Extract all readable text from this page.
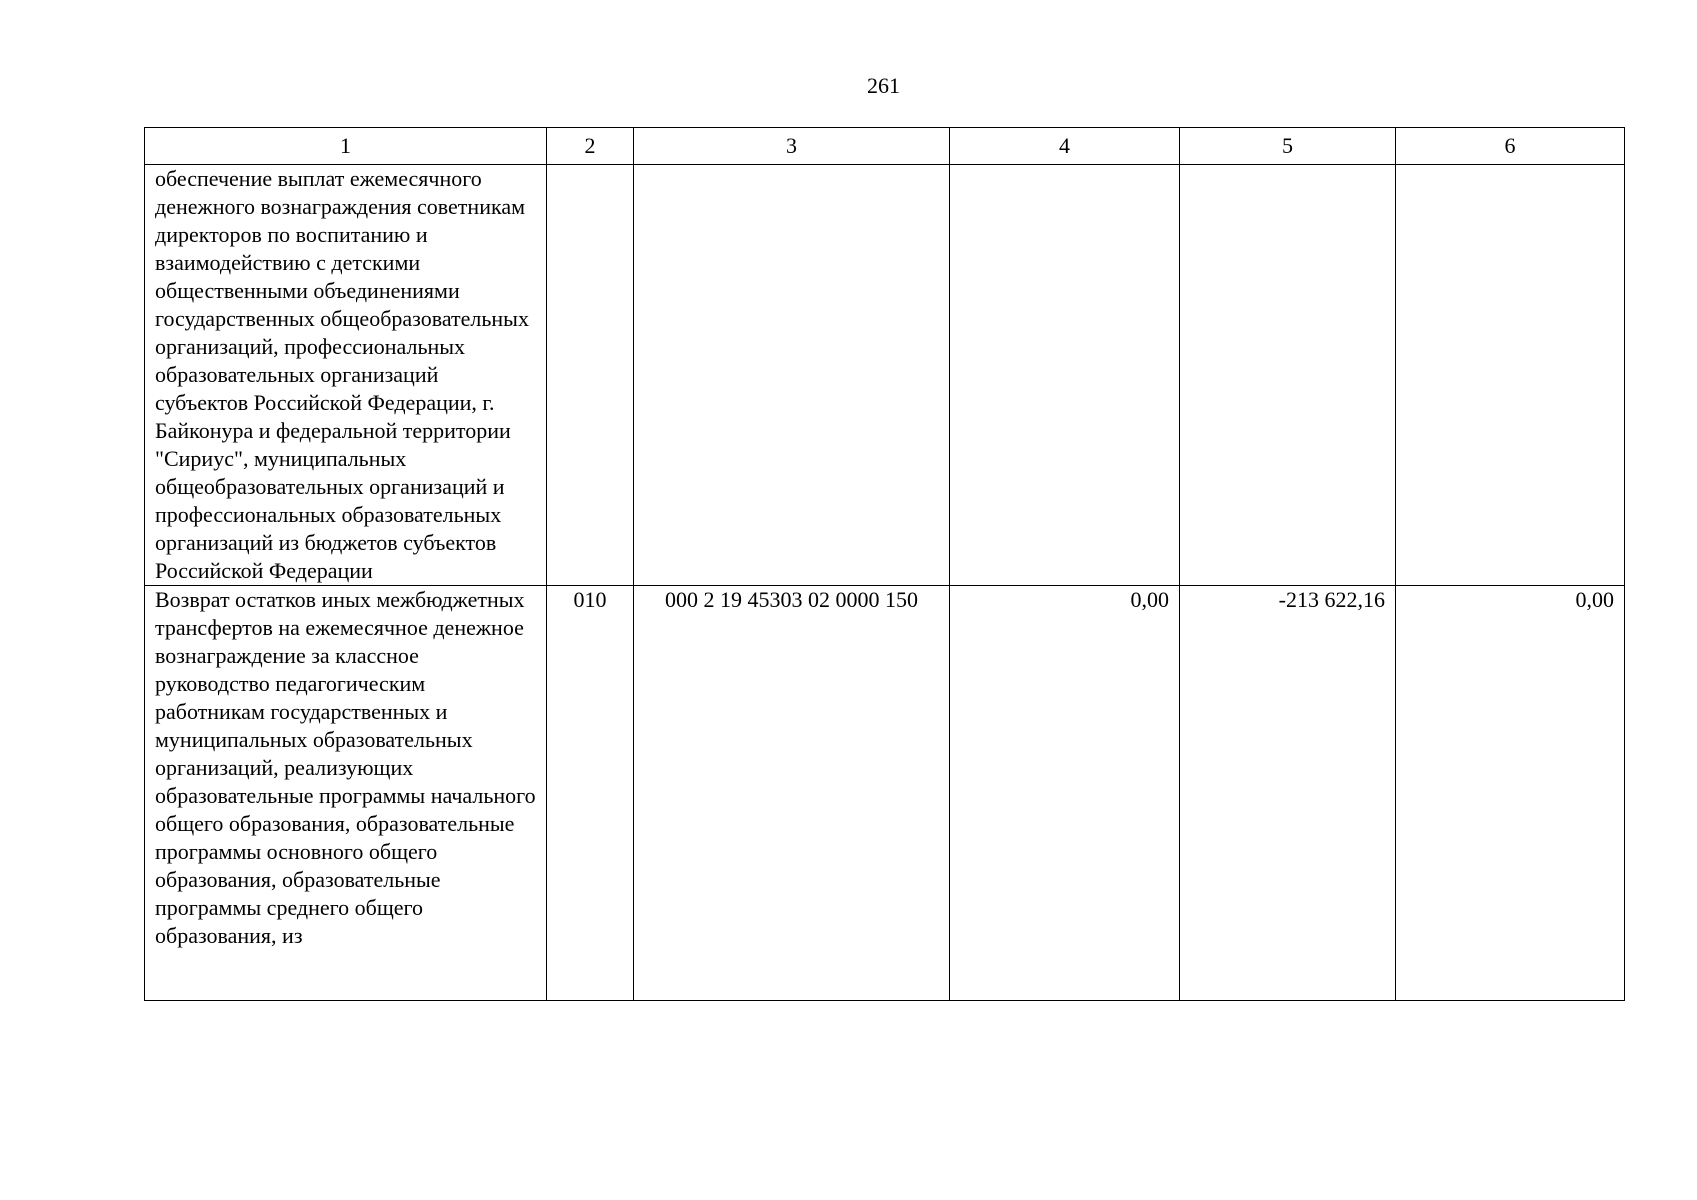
261
1	2	3	4	5	6
обеспечение выплат ежемесячного денежного вознаграждения советникам директоров по воспитанию и взаимодействию с детскими общественными объединениями государственных общеобразовательных организаций, профессиональных образовательных организаций субъектов Российской Федерации, г. Байконура и федеральной территории "Сириус", муниципальных общеобразовательных организаций и профессиональных образовательных организаций из бюджетов субъектов Российской Федерации					
Возврат остатков иных межбюджетных трансфертов на ежемесячное денежное вознаграждение за классное руководство педагогическим работникам государственных и муниципальных образовательных организаций, реализующих образовательные программы начального общего образования, образовательные программы основного общего образования, образовательные программы среднего общего образования, из	010	000 2 19 45303 02 0000 150	0,00	-213 622,16	0,00
